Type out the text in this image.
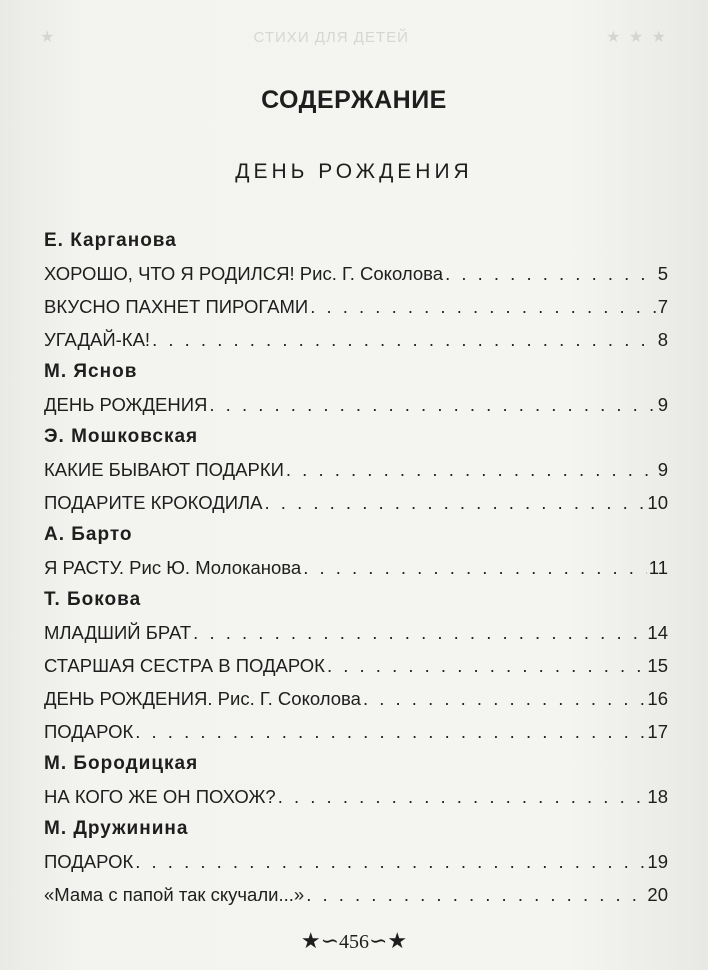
★	СТИХИ ДЛЯ ДЕТЕЙ	★ ★ ★
СОДЕРЖАНИЕ
ДЕНЬ РОЖДЕНИЯ
Е. Карганова
ХОРОШО, ЧТО Я РОДИЛСЯ! Рис. Г. Соколова . . .	5
ВКУСНО ПАХНЕТ ПИРОГАМИ . . .	7
УГАДАЙ-КА! . . .	8
М. Яснов
ДЕНЬ РОЖДЕНИЯ . . .	9
Э. Мошковская
КАКИЕ БЫВАЮТ ПОДАРКИ . . .	9
ПОДАРИТЕ КРОКОДИЛА . . .	10
А. Барто
Я РАСТУ. Рис Ю. Молоканова . . .	11
Т. Бокова
МЛАДШИЙ БРАТ . . .	14
СТАРШАЯ СЕСТРА В ПОДАРОК . . .	15
ДЕНЬ РОЖДЕНИЯ. Рис. Г. Соколова . . .	16
ПОДАРОК . . .	17
М. Бородицкая
НА КОГО ЖЕ ОН ПОХОЖ? . . .	18
М. Дружинина
ПОДАРОК . . .	19
«Мама с папой так скучали...» . . .	20
★∽456∽★
